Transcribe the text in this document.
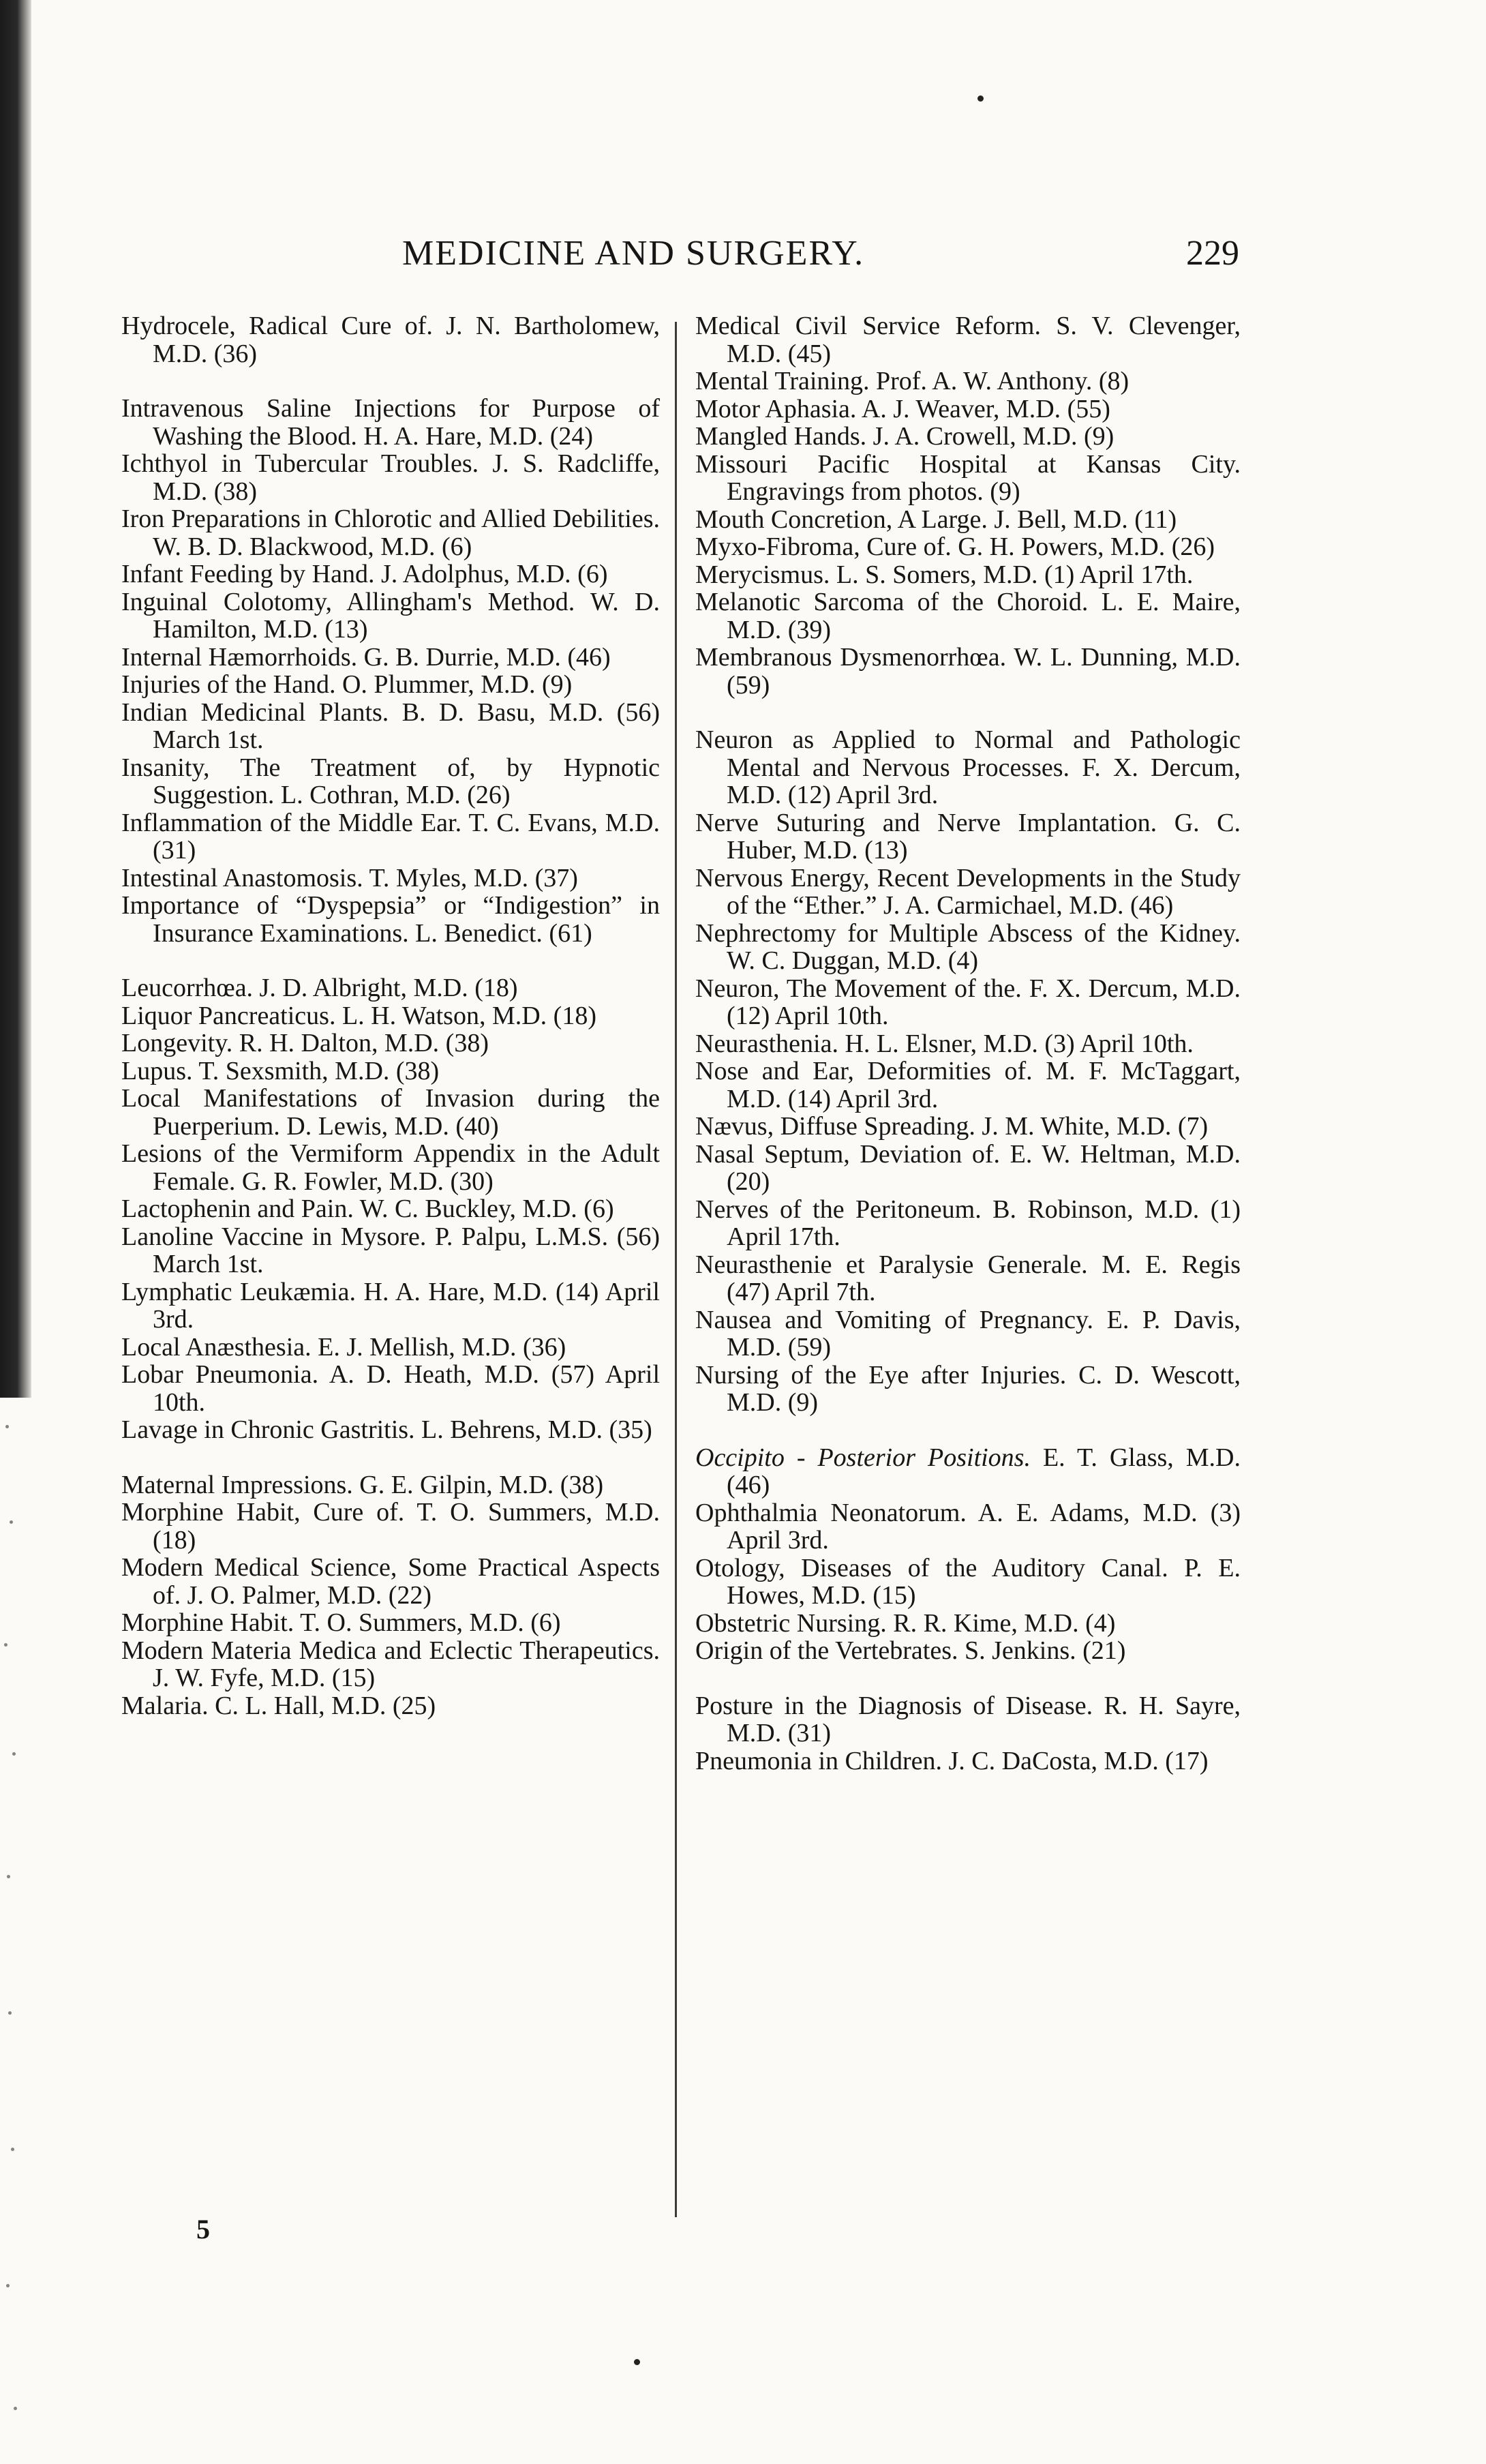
MEDICINE AND SURGERY.	229

Hydrocele, Radical Cure of. J. N. Bartholomew, M.D. (36)

Intravenous Saline Injections for Purpose of Washing the Blood. H. A. Hare, M.D. (24)

Ichthyol in Tubercular Troubles. J. S. Radcliffe, M.D. (38)

Iron Preparations in Chlorotic and Allied Debilities. W. B. D. Blackwood, M.D. (6)

Infant Feeding by Hand. J. Adolphus, M.D. (6)

Inguinal Colotomy, Allingham's Method. W. D. Hamilton, M.D. (13)

Internal Hæmorrhoids. G. B. Durrie, M.D. (46)

Injuries of the Hand. O. Plummer, M.D. (9)

Indian Medicinal Plants. B. D. Basu, M.D. (56) March 1st.

Insanity, The Treatment of, by Hypnotic Suggestion. L. Cothran, M.D. (26)

Inflammation of the Middle Ear. T. C. Evans, M.D. (31)

Intestinal Anastomosis. T. Myles, M.D. (37)

Importance of “Dyspepsia” or “Indigestion” in Insurance Examinations. L. Benedict. (61)

Leucorrhœa. J. D. Albright, M.D. (18)

Liquor Pancreaticus. L. H. Watson, M.D. (18)

Longevity. R. H. Dalton, M.D. (38)

Lupus. T. Sexsmith, M.D. (38)

Local Manifestations of Invasion during the Puerperium. D. Lewis, M.D. (40)

Lesions of the Vermiform Appendix in the Adult Female. G. R. Fowler, M.D. (30)

Lactophenin and Pain. W. C. Buckley, M.D. (6)

Lanoline Vaccine in Mysore. P. Palpu, L.M.S. (56) March 1st.

Lymphatic Leukæmia. H. A. Hare, M.D. (14) April 3rd.

Local Anæsthesia. E. J. Mellish, M.D. (36)

Lobar Pneumonia. A. D. Heath, M.D. (57) April 10th.

Lavage in Chronic Gastritis. L. Behrens, M.D. (35)

Maternal Impressions. G. E. Gilpin, M.D. (38)

Morphine Habit, Cure of. T. O. Summers, M.D. (18)

Modern Medical Science, Some Practical Aspects of. J. O. Palmer, M.D. (22)

Morphine Habit. T. O. Summers, M.D. (6)

Modern Materia Medica and Eclectic Therapeutics. J. W. Fyfe, M.D. (15)

Malaria. C. L. Hall, M.D. (25)

Medical Civil Service Reform. S. V. Clevenger, M.D. (45)

Mental Training. Prof. A. W. Anthony. (8)

Motor Aphasia. A. J. Weaver, M.D. (55)

Mangled Hands. J. A. Crowell, M.D. (9)

Missouri Pacific Hospital at Kansas City. Engravings from photos. (9)

Mouth Concretion, A Large. J. Bell, M.D. (11)

Myxo-Fibroma, Cure of. G. H. Powers, M.D. (26)

Merycismus. L. S. Somers, M.D. (1) April 17th.

Melanotic Sarcoma of the Choroid. L. E. Maire, M.D. (39)

Membranous Dysmenorrhœa. W. L. Dunning, M.D. (59)

Neuron as Applied to Normal and Pathologic Mental and Nervous Processes. F. X. Dercum, M.D. (12) April 3rd.

Nerve Suturing and Nerve Implantation. G. C. Huber, M.D. (13)

Nervous Energy, Recent Developments in the Study of the “Ether.” J. A. Carmichael, M.D. (46)

Nephrectomy for Multiple Abscess of the Kidney. W. C. Duggan, M.D. (4)

Neuron, The Movement of the. F. X. Dercum, M.D. (12) April 10th.

Neurasthenia. H. L. Elsner, M.D. (3) April 10th.

Nose and Ear, Deformities of. M. F. McTaggart, M.D. (14) April 3rd.

Nævus, Diffuse Spreading. J. M. White, M.D. (7)

Nasal Septum, Deviation of. E. W. Heltman, M.D. (20)

Nerves of the Peritoneum. B. Robinson, M.D. (1) April 17th.

Neurasthenie et Paralysie Generale. M. E. Regis (47) April 7th.

Nausea and Vomiting of Pregnancy. E. P. Davis, M.D. (59)

Nursing of the Eye after Injuries. C. D. Wescott, M.D. (9)

Occipito - Posterior Positions. E. T. Glass, M.D. (46)

Ophthalmia Neonatorum. A. E. Adams, M.D. (3) April 3rd.

Otology, Diseases of the Auditory Canal. P. E. Howes, M.D. (15)

Obstetric Nursing. R. R. Kime, M.D. (4)

Origin of the Vertebrates. S. Jenkins. (21)

Posture in the Diagnosis of Disease. R. H. Sayre, M.D. (31)

Pneumonia in Children. J. C. DaCosta, M.D. (17)

5
